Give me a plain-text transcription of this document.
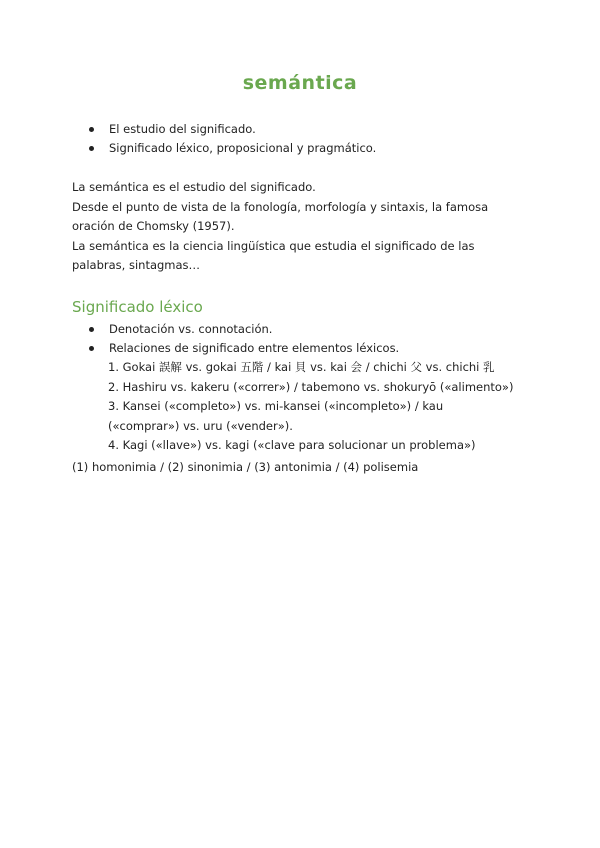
semántica
El estudio del significado.
Significado léxico, proposicional y pragmático.
La semántica es el estudio del significado.
Desde el punto de vista de la fonología, morfología y sintaxis, la famosa oración de Chomsky (1957).
La semántica es la ciencia lingüística que estudia el significado de las palabras, sintagmas…
Significado léxico
Denotación vs. connotación.
Relaciones de significado entre elementos léxicos.
1. Gokai 誤解 vs. gokai 五階 / kai 貝 vs. kai 会 / chichi 父 vs. chichi 乳
2. Hashiru vs. kakeru («correr») / tabemono vs. shokuryō («alimento»)
3. Kansei («completo») vs. mi-kansei («incompleto») / kau («comprar») vs. uru («vender»).
4. Kagi («llave») vs. kagi («clave para solucionar un problema»)
(1) homonimia / (2) sinonimia / (3) antonimia / (4) polisemia
